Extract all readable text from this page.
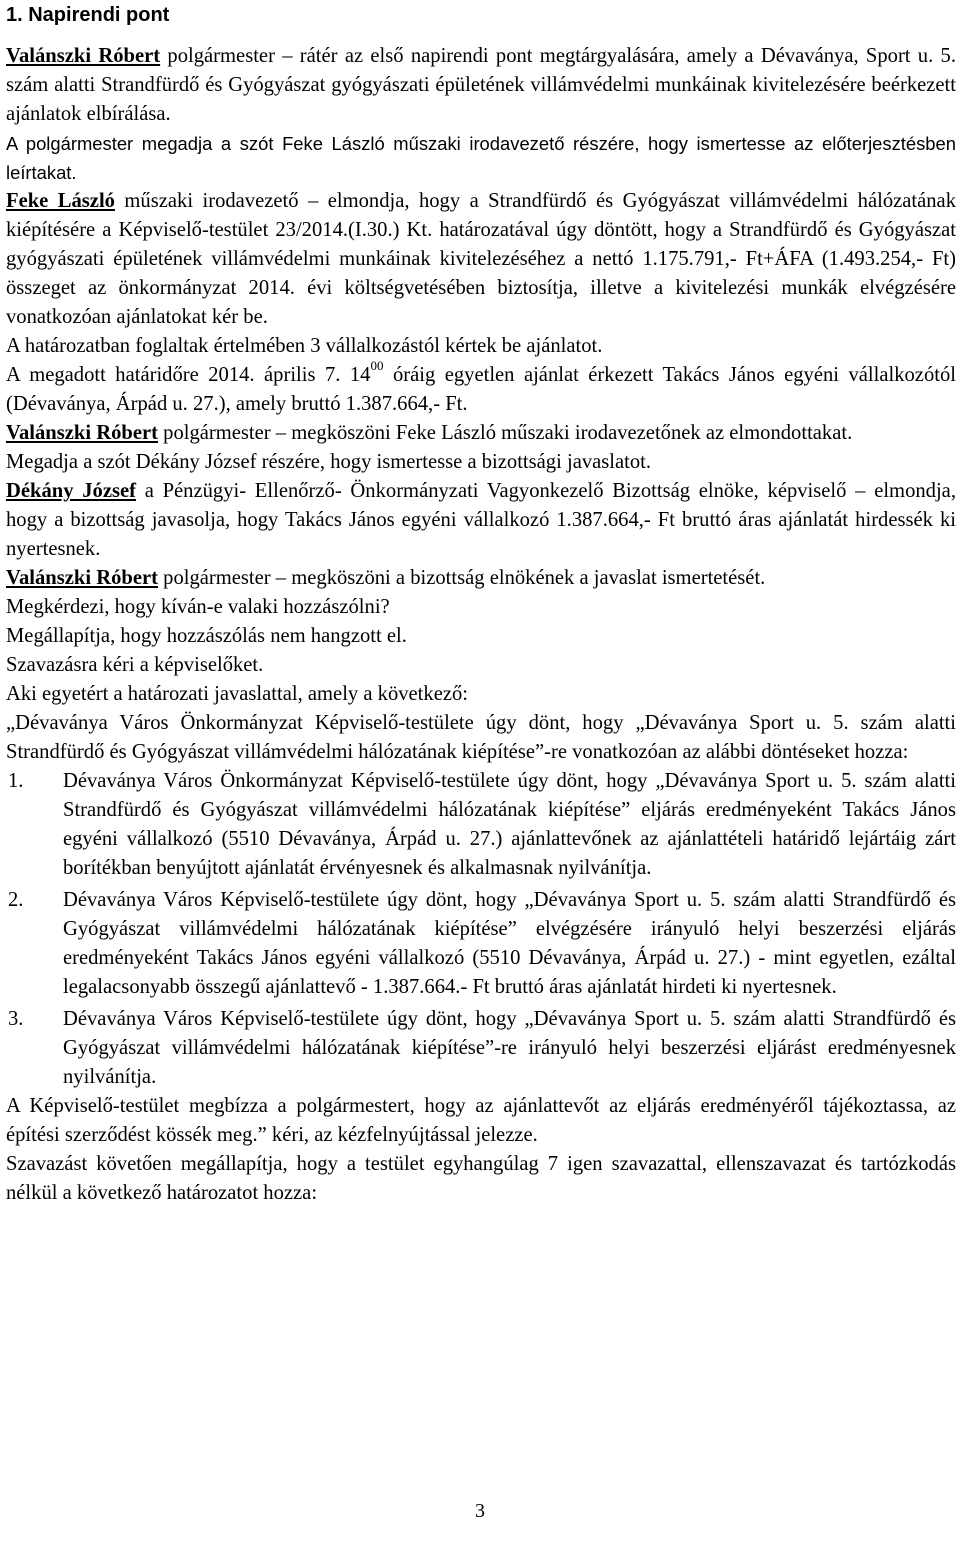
1. Napirendi pont

Valánszki Róbert polgármester – rátér az első napirendi pont megtárgyalására, amely a Dévaványa, Sport u. 5. szám alatti Strandfürdő és Gyógyászat gyógyászati épületének villámvédelmi munkáinak kivitelezésére beérkezett ajánlatok elbírálása.

A polgármester megadja a szót Feke László műszaki irodavezető részére, hogy ismertesse az előterjesztésben leírtakat.

Feke László műszaki irodavezető – elmondja, hogy a Strandfürdő és Gyógyászat villámvédelmi hálózatának kiépítésére a Képviselő-testület 23/2014.(I.30.) Kt. határozatával úgy döntött, hogy a Strandfürdő és Gyógyászat gyógyászati épületének villámvédelmi munkáinak kivitelezéséhez a nettó 1.175.791,- Ft+ÁFA (1.493.254,- Ft) összeget az önkormányzat 2014. évi költségvetésében biztosítja, illetve a kivitelezési munkák elvégzésére vonatkozóan ajánlatokat kér be.

A határozatban foglaltak értelmében 3 vállalkozástól kértek be ajánlatot.

A megadott határidőre 2014. április 7. $14^{00}$ óráig egyetlen ajánlat érkezett Takács János egyéni vállalkozótól (Dévaványa, Árpád u. 27.), amely bruttó 1.387.664,- Ft.

Valánszki Róbert polgármester – megköszöni Feke László műszaki irodavezetőnek az elmondottakat.

Megadja a szót Dékány József részére, hogy ismertesse a bizottsági javaslatot.

Dékány József a Pénzügyi- Ellenőrző- Önkormányzati Vagyonkezelő Bizottság elnöke, képviselő – elmondja, hogy a bizottság javasolja, hogy Takács János egyéni vállalkozó 1.387.664,- Ft bruttó áras ajánlatát hirdessék ki nyertesnek.

Valánszki Róbert polgármester – megköszöni a bizottság elnökének a javaslat ismertetését.

Megkérdezi, hogy kíván-e valaki hozzászólni?

Megállapítja, hogy hozzászólás nem hangzott el.

Szavazásra kéri a képviselőket.

Aki egyetért a határozati javaslattal, amely a következő:

„Dévaványa Város Önkormányzat Képviselő-testülete úgy dönt, hogy „Dévaványa Sport u. 5. szám alatti Strandfürdő és Gyógyászat villámvédelmi hálózatának kiépítése”-re vonatkozóan az alábbi döntéseket hozza:

1. Dévaványa Város Önkormányzat Képviselő-testülete úgy dönt, hogy „Dévaványa Sport u. 5. szám alatti Strandfürdő és Gyógyászat villámvédelmi hálózatának kiépítése” eljárás eredményeként Takács János egyéni vállalkozó (5510 Dévaványa, Árpád u. 27.) ajánlattevőnek az ajánlattételi határidő lejártáig zárt borítékban benyújtott ajánlatát érvényesnek és alkalmasnak nyilvánítja.
2. Dévaványa Város Képviselő-testülete úgy dönt, hogy „Dévaványa Sport u. 5. szám alatti Strandfürdő és Gyógyászat villámvédelmi hálózatának kiépítése” elvégzésére irányuló helyi beszerzési eljárás eredményeként Takács János egyéni vállalkozó (5510 Dévaványa, Árpád u. 27.) - mint egyetlen, ezáltal legalacsonyabb összegű ajánlattevő - 1.387.664.- Ft bruttó áras ajánlatát hirdeti ki nyertesnek.
3. Dévaványa Város Képviselő-testülete úgy dönt, hogy „Dévaványa Sport u. 5. szám alatti Strandfürdő és Gyógyászat villámvédelmi hálózatának kiépítése”-re irányuló helyi beszerzési eljárást eredményesnek nyilvánítja.

A Képviselő-testület megbízza a polgármestert, hogy az ajánlattevőt az eljárás eredményéről tájékoztassa, az építési szerződést kössék meg.” kéri, az kézfelnyújtással jelezze.

Szavazást követően megállapítja, hogy a testület egyhangúlag 7 igen szavazattal, ellenszavazat és tartózkodás nélkül a következő határozatot hozza:

3
